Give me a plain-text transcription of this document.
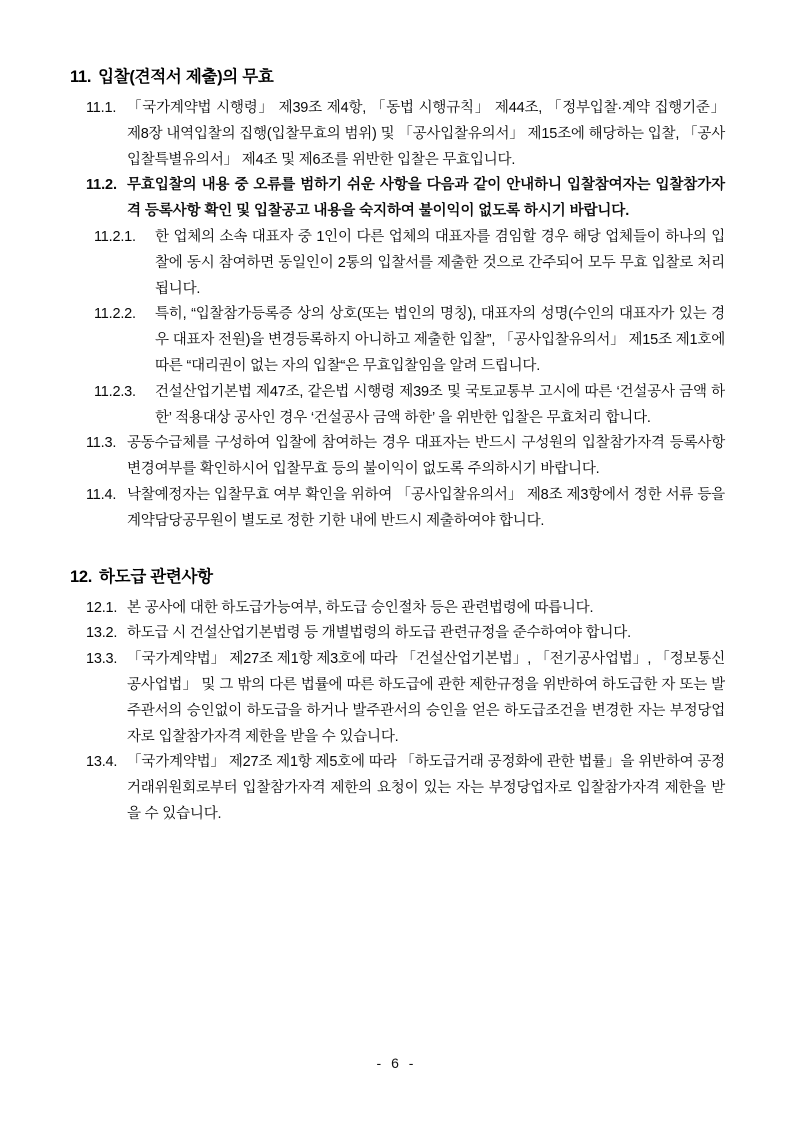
11. 입찰(견적서 제출)의 무효
11.1. 「국가계약법 시행령」 제39조 제4항, 「동법 시행규칙」 제44조, 「정부입찰·계약 집행기준」 제8장 내역입찰의 집행(입찰무효의 범위) 및 「공사입찰유의서」 제15조에 해당하는 입찰, 「공사입찰특별유의서」 제4조 및 제6조를 위반한 입찰은 무효입니다.
11.2. 무효입찰의 내용 중 오류를 범하기 쉬운 사항을 다음과 같이 안내하니 입찰참여자는 입찰참가자격 등록사항 확인 및 입찰공고 내용을 숙지하여 불이익이 없도록 하시기 바랍니다.
11.2.1. 한 업체의 소속 대표자 중 1인이 다른 업체의 대표자를 겸임할 경우 해당 업체들이 하나의 입찰에 동시 참여하면 동일인이 2통의 입찰서를 제출한 것으로 간주되어 모두 무효 입찰로 처리됩니다.
11.2.2. 특히, “입찰참가등록증 상의 상호(또는 법인의 명칭), 대표자의 성명(수인의 대표자가 있는 경우 대표자 전원)을 변경등록하지 아니하고 제출한 입찰”, 「공사입찰유의서」 제15조 제1호에 따른 “대리권이 없는 자의 입찰“은 무효입찰임을 알려 드립니다.
11.2.3. 건설산업기본법 제47조, 같은법 시행령 제39조 및 국토교통부 고시에 따른 ‘건설공사 금액 하한’ 적용대상 공사인 경우 ‘건설공사 금액 하한’ 을 위반한 입찰은 무효처리 합니다.
11.3. 공동수급체를 구성하여 입찰에 참여하는 경우 대표자는 반드시 구성원의 입찰참가자격 등록사항 변경여부를 확인하시어 입찰무효 등의 불이익이 없도록 주의하시기 바랍니다.
11.4. 낙찰예정자는 입찰무효 여부 확인을 위하여 「공사입찰유의서」 제8조 제3항에서 정한 서류 등을 계약담당공무원이 별도로 정한 기한 내에 반드시 제출하여야 합니다.
12. 하도급 관련사항
12.1. 본 공사에 대한 하도급가능여부, 하도급 승인절차 등은 관련법령에 따릅니다.
13.2. 하도급 시 건설산업기본법령 등 개별법령의 하도급 관련규정을 준수하여야 합니다.
13.3. 「국가계약법」 제27조 제1항 제3호에 따라 「건설산업기본법」, 「전기공사업법」, 「정보통신공사업법」 및 그 밖의 다른 법률에 따른 하도급에 관한 제한규정을 위반하여 하도급한 자 또는 발주관서의 승인없이 하도급을 하거나 발주관서의 승인을 얻은 하도급조건을 변경한 자는 부정당업자로 입찰참가자격 제한을 받을 수 있습니다.
13.4. 「국가계약법」 제27조 제1항 제5호에 따라 「하도급거래 공정화에 관한 법률」을 위반하여 공정거래위원회로부터 입찰참가자격 제한의 요청이 있는 자는 부정당업자로 입찰참가자격 제한을 받을 수 있습니다.
- 6 -
